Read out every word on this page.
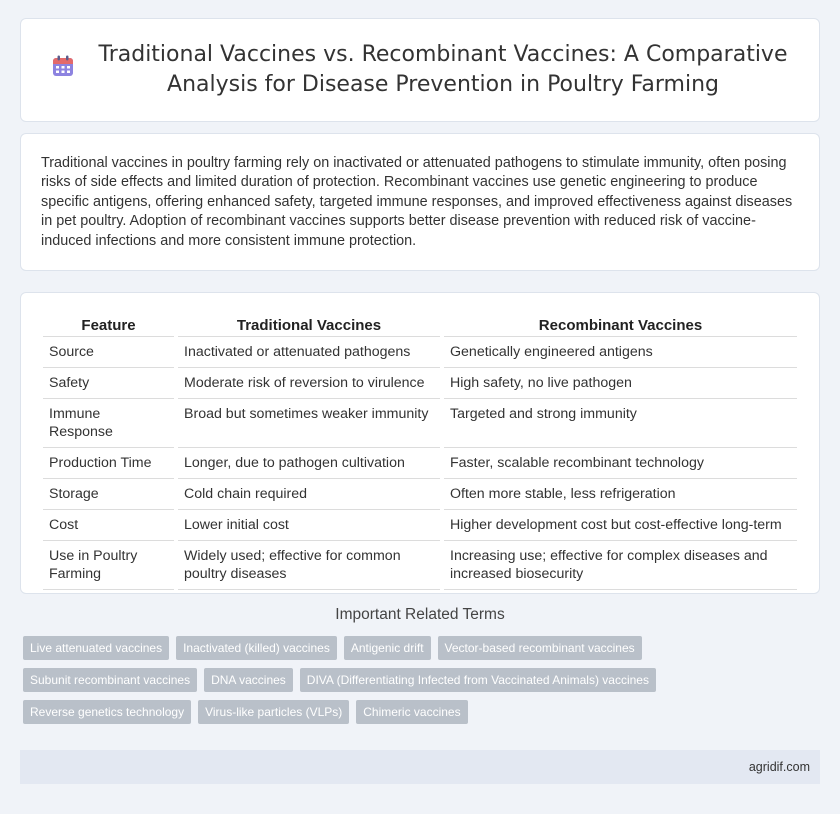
Traditional Vaccines vs. Recombinant Vaccines: A Comparative Analysis for Disease Prevention in Poultry Farming

Traditional vaccines in poultry farming rely on inactivated or attenuated pathogens to stimulate immunity, often posing risks of side effects and limited duration of protection. Recombinant vaccines use genetic engineering to produce specific antigens, offering enhanced safety, targeted immune responses, and improved effectiveness against diseases in pet poultry. Adoption of recombinant vaccines supports better disease prevention with reduced risk of vaccine-induced infections and more consistent immune protection.

Feature	Traditional Vaccines	Recombinant Vaccines
Source	Inactivated or attenuated pathogens	Genetically engineered antigens
Safety	Moderate risk of reversion to virulence	High safety, no live pathogen
Immune Response	Broad but sometimes weaker immunity	Targeted and strong immunity
Production Time	Longer, due to pathogen cultivation	Faster, scalable recombinant technology
Storage	Cold chain required	Often more stable, less refrigeration
Cost	Lower initial cost	Higher development cost but cost-effective long-term
Use in Poultry Farming	Widely used; effective for common poultry diseases	Increasing use; effective for complex diseases and increased biosecurity
Important Related Terms
Live attenuated vaccines	Inactivated (killed) vaccines	Antigenic drift	Vector-based recombinant vaccines
Subunit recombinant vaccines	DNA vaccines	DIVA (Differentiating Infected from Vaccinated Animals) vaccines
Reverse genetics technology	Virus-like particles (VLPs)	Chimeric vaccines
agridif.com
